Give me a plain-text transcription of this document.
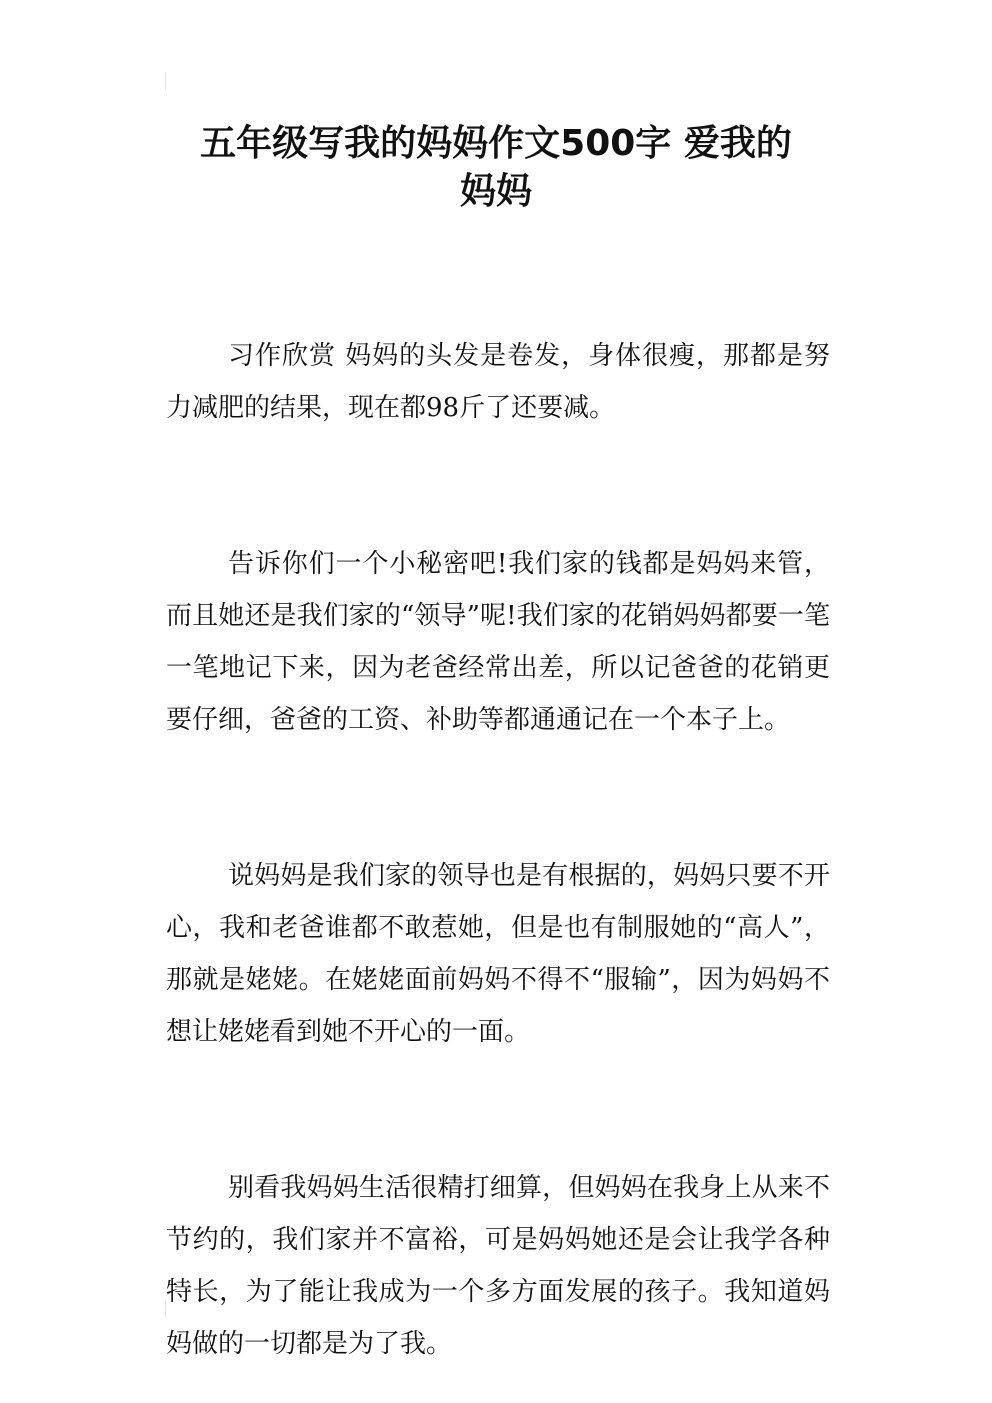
五年级写我的妈妈作文500字 爱我的
妈妈

习作欣赏 妈妈的头发是卷发，身体很瘦，那都是努力减肥的结果，现在都98斤了还要减。

告诉你们一个小秘密吧!我们家的钱都是妈妈来管，而且她还是我们家的“领导”呢!我们家的花销妈妈都要一笔一笔地记下来，因为老爸经常出差，所以记爸爸的花销更要仔细，爸爸的工资、补助等都通通记在一个本子上。

说妈妈是我们家的领导也是有根据的，妈妈只要不开心，我和老爸谁都不敢惹她，但是也有制服她的“高人”，那就是姥姥。在姥姥面前妈妈不得不“服输”，因为妈妈不想让姥姥看到她不开心的一面。

别看我妈妈生活很精打细算，但妈妈在我身上从来不节约的，我们家并不富裕，可是妈妈她还是会让我学各种特长，为了能让我成为一个多方面发展的孩子。我知道妈妈做的一切都是为了我。
